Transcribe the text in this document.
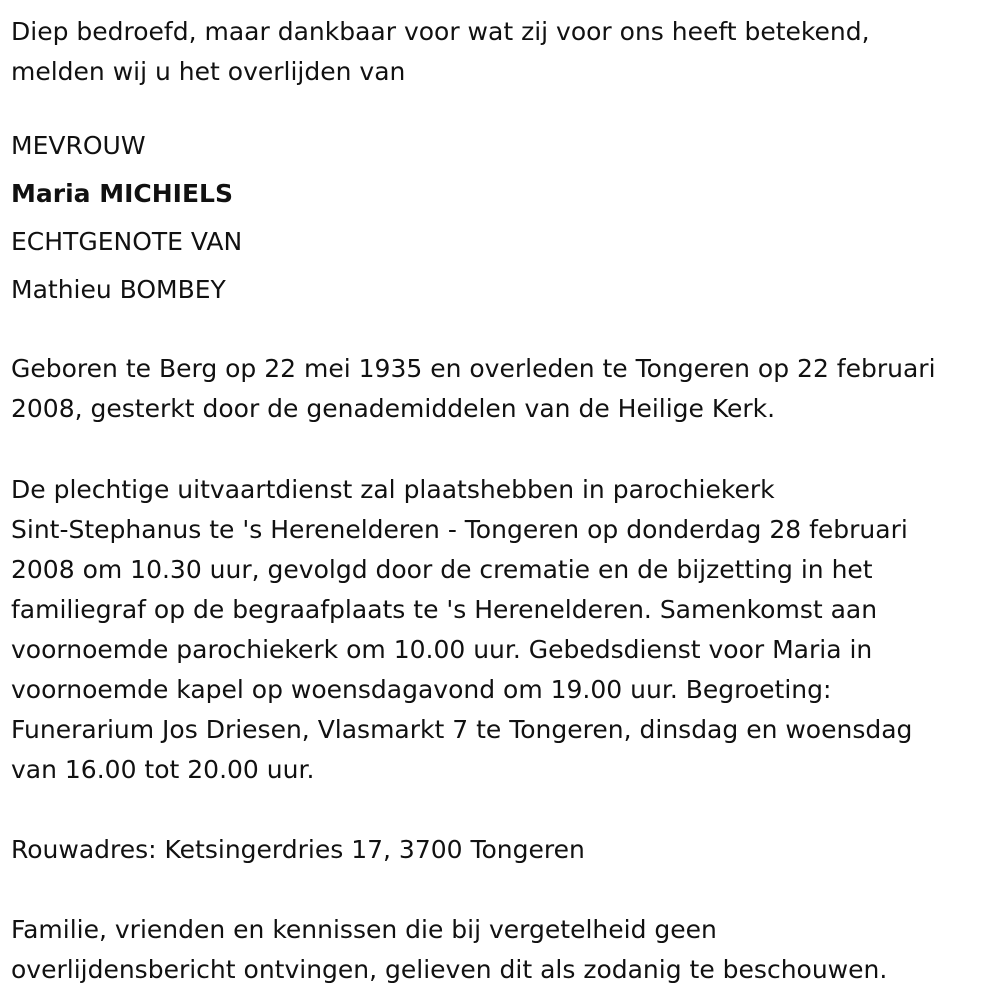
Diep bedroefd, maar dankbaar voor wat zij voor ons heeft betekend,
melden wij u het overlijden van
MEVROUW
Maria MICHIELS
ECHTGENOTE VAN
Mathieu BOMBEY
Geboren te Berg op 22 mei 1935 en overleden te Tongeren op 22 februari
2008, gesterkt door de genademiddelen van de Heilige Kerk.
De plechtige uitvaartdienst zal plaatshebben in parochiekerk
Sint-Stephanus te 's Herenelderen - Tongeren op donderdag 28 februari
2008 om 10.30 uur, gevolgd door de crematie en de bijzetting in het
familiegraf op de begraafplaats te 's Herenelderen. Samenkomst aan
voornoemde parochiekerk om 10.00 uur. Gebedsdienst voor Maria in
voornoemde kapel op woensdagavond om 19.00 uur. Begroeting:
Funerarium Jos Driesen, Vlasmarkt 7 te Tongeren, dinsdag en woensdag
van 16.00 tot 20.00 uur.
Rouwadres: Ketsingerdries 17, 3700 Tongeren
Familie, vrienden en kennissen die bij vergetelheid geen
overlijdensbericht ontvingen, gelieven dit als zodanig te beschouwen.
